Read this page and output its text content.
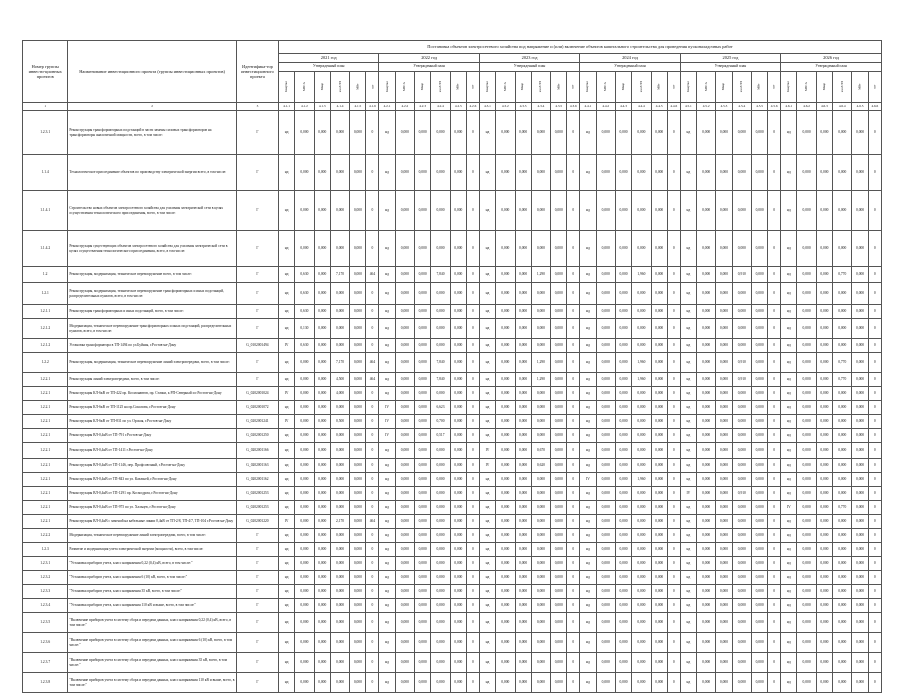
Номер группы инвести-ционных проектов	Наименование инвестиционного проекта (группы инвестиционных проектов)	Идентифика-тор инвестиционного проекта	Постановка объектов электросетевого хозяйства под напряжение и (или) включение объектов капитального строительства для проведения пусконаладочных работ																																			
			2021 год						2022 год						2023 год						2024 год						2025 год						2026 год					
			Утвержденный план						Утвержденный план						Утвержденный план						Утвержденный план						Утвержденный план						Утвержденный план					
			Квартал	МВ×А	Мвар	км ЛЭП	МВт	шт	Квартал	МВ×А	Мвар	км ЛЭП	МВт	шт	Квартал	МВ×А	Мвар	км ЛЭП	МВт	шт	Квартал	МВ×А	Мвар	км ЛЭП	МВт	шт	Квартал	МВ×А	Мвар	км ЛЭП	МВт	шт	Квартал	МВ×А	Мвар	км ЛЭП	МВт	шт
1	2	3	4.1.1	4.1.2	4.1.3	4.1.4	4.1.5	4.1.6	4.2.1	4.2.2	4.2.3	4.2.4	4.2.5	4.2.6	4.3.1	4.3.2	4.3.3	4.3.4	4.3.5	4.3.6	4.4.1	4.4.2	4.4.3	4.4.4	4.4.5	4.4.6	4.5.1	4.5.2	4.5.3	4.5.4	4.5.5	4.5.6	4.6.1	4.6.2	4.6.3	4.6.4	4.6.5	4.6.6
1.2.3.1	Реконструкция трансформаторных подстанций в части замены силовых трансформаторов на трансформаторы аналогичной мощности, всего, в том числе:	Г	нд	0,000	0,000	0,000	0,000	0	нд	0,000	0,000	0,000	0,000	0	нд	0,000	0,000	0,000	0,000	0	нд	0,000	0,000	0,000	0,000	0	нд	0,000	0,000	0,000	0,000	0	нд	0,000	0,000	0,000	0,000	0
1.1.4	Технологическое присоединение объектов по производству электрической энергии всего, в том числе:	Г	нд	0,000	0,000	0,000	0,000	0	нд	0,000	0,000	0,000	0,000	0	нд	0,000	0,000	0,000	0,000	0	нд	0,000	0,000	0,000	0,000	0	нд	0,000	0,000	0,000	0,000	0	нд	0,000	0,000	0,000	0,000	0
1.1.4.1	Строительство новых объектов электросетевого хозяйства для усиления электрической сети в целях осуществления технологического присоединения, всего, в том числе:	Г	нд	0,000	0,000	0,000	0,000	0	нд	0,000	0,000	0,000	0,000	0	нд	0,000	0,000	0,000	0,000	0	нд	0,000	0,000	0,000	0,000	0	нд	0,000	0,000	0,000	0,000	0	нд	0,000	0,000	0,000	0,000	0
1.1.4.2	Реконструкция существующих объектов электросетевого хозяйства для усиления электрической сети в целях осуществления технологического присоединения, всего, в том числе:	Г	нд	0,000	0,000	0,000	0,000	0	нд	0,000	0,000	0,000	0,000	0	нд	0,000	0,000	0,000	0,000	0	нд	0,000	0,000	0,000	0,000	0	нд	0,000	0,000	0,000	0,000	0	нд	0,000	0,000	0,000	0,000	0
1.2	Реконструкция, модернизация, техническое перевооружение всего, в том числе:	Г	нд	0,630	0,000	7,170	0,000	464	нд	0,000	0,000	7,840	0,000	0	нд	0,000	0,000	1,290	0,000	0	нд	0,000	0,000	1,960	0,000	0	нд	0,000	0,000	0,910	0,000	0	нд	0,000	0,000	0,770	0,000	0
1.2.1	Реконструкция, модернизация, техническое перевооружение трансформаторных и иных подстанций, распределительных пунктов, всего, в том числе:	Г	нд	0,630	0,000	0,000	0,000	0	нд	0,000	0,000	0,000	0,000	0	нд	0,000	0,000	0,000	0,000	0	нд	0,000	0,000	0,000	0,000	0	нд	0,000	0,000	0,000	0,000	0	нд	0,000	0,000	0,000	0,000	0
1.2.1.1	Реконструкция трансформаторных и иных подстанций, всего, в том числе:	Г	нд	0,630	0,000	0,000	0,000	0	нд	0,000	0,000	0,000	0,000	0	нд	0,000	0,000	0,000	0,000	0	нд	0,000	0,000	0,000	0,000	0	нд	0,000	0,000	0,000	0,000	0	нд	0,000	0,000	0,000	0,000	0
1.2.1.2	Модернизация, техническое перевооружение трансформаторных и иных подстанций, распределительных пунктов, всего, в том числе:	Г	нд	0,130	0,000	0,000	0,000	0	нд	0,000	0,000	0,000	0,000	0	нд	0,000	0,000	0,000	0,000	0	нд	0,000	0,000	0,000	0,000	0	нд	0,000	0,000	0,000	0,000	0	нд	0,000	0,000	0,000	0,000	0
1.2.1.2	Установка трансформатора в ТП-1494 по ул.Буйная, г.Ростов-на-Дону	G_0102001494	IV	0,630	0,000	0,000	0,000	0	нд	0,000	0,000	0,000	0,000	0	нд	0,000	0,000	0,000	0,000	0	нд	0,000	0,000	0,000	0,000	0	нд	0,000	0,000	0,000	0,000	0	нд	0,000	0,000	0,000	0,000	0
1.2.2	Реконструкция, модернизация, техническое перевооружение линий электропередачи, всего, в том числе:	Г	нд	0,000	0,000	7,170	0,000	464	нд	0,000	0,000	7,840	0,000	0	нд	0,000	0,000	1,290	0,000	0	нд	0,000	0,000	1,960	0,000	0	нд	0,000	0,000	0,910	0,000	0	нд	0,000	0,000	0,770	0,000	0
1.2.2.1	Реконструкция линий электропередачи, всего, в том числе:	Г	нд	0,000	0,000	4,500	0,000	464	нд	0,000	0,000	7,840	0,000	0	нд	0,000	0,000	1,290	0,000	0	нд	0,000	0,000	1,960	0,000	0	нд	0,000	0,000	0,910	0,000	0	нд	0,000	0,000	0,770	0,000	0
1.2.2.1	Реконструкция КЛ-6кВ от ТП-422 пр. Космонавтов, пр. Стачки, к РП-Северный и г.Ростов-на-Дону	G_0202001024	IV	0,000	0,000	4,000	0,000	0	нд	0,000	0,000	0,000	0,000	0	нд	0,000	0,000	0,000	0,000	0	нд	0,000	0,000	0,000	0,000	0	нд	0,000	0,000	0,000	0,000	0	нд	0,000	0,000	0,000	0,000	0
1.2.2.1	Реконструкция КЛ-6кВ от ТП-1125 на пр.Соколова, г.Ростов-на-Дону	G_0202001072	нд	0,000	0,000	0,000	0,000	0	IV	0,000	0,000	6,623	0,000	0	нд	0,000	0,000	0,000	0,000	0	нд	0,000	0,000	0,000	0,000	0	нд	0,000	0,000	0,000	0,000	0	нд	0,000	0,000	0,000	0,000	0
1.2.2.1	Реконструкция КЛ-6кВ от ТП-831 по ул. Орская, г.Ростов-на-Дону	G_0202001241	IV	0,000	0,000	0,500	0,000	0	IV	0,000	0,000	0,700	0,000	0	нд	0,000	0,000	0,000	0,000	0	нд	0,000	0,000	0,000	0,000	0	нд	0,000	0,000	0,000	0,000	0	нд	0,000	0,000	0,000	0,000	0
1.2.2.1	Реконструкция ВЛ-0,4кВ от ТП-791 г.Ростов-на-Дону	G_0202001250	нд	0,000	0,000	0,000	0,000	0	IV	0,000	0,000	0,517	0,000	0	нд	0,000	0,000	0,000	0,000	0	нд	0,000	0,000	0,000	0,000	0	нд	0,000	0,000	0,000	0,000	0	нд	0,000	0,000	0,000	0,000	0
1.2.2.1	Реконструкция ВЛ-0,4кВ от ТП-1411 г.Ростов-на-Дону	G_0202001166	нд	0,000	0,000	0,000	0,000	0	нд	0,000	0,000	0,000	0,000	0	IV	0,000	0,000	0,670	0,000	0	нд	0,000	0,000	0,000	0,000	0	нд	0,000	0,000	0,000	0,000	0	нд	0,000	0,000	0,000	0,000	0
1.2.2.1	Реконструкция ВЛ-0,4кВ от ТП-1146, пер. Профсоюзный, г.Ростов-на-Дону	G_0202001163	нд	0,000	0,000	0,000	0,000	0	нд	0,000	0,000	0,000	0,000	0	IV	0,000	0,000	0,620	0,000	0	нд	0,000	0,000	0,000	0,000	0	нд	0,000	0,000	0,000	0,000	0	нд	0,000	0,000	0,000	0,000	0
1.2.2.1	Реконструкция ВЛ-0,4кВ от ТП-843 по ул. Казачьей, г.Ростов-на-Дону	G_0202001162	нд	0,000	0,000	0,000	0,000	0	нд	0,000	0,000	0,000	0,000	0	нд	0,000	0,000	0,000	0,000	0	IV	0,000	0,000	1,960	0,000	0	нд	0,000	0,000	0,000	0,000	0	нд	0,000	0,000	0,000	0,000	0
1.2.2.1	Реконструкция ВЛ-0,4кВ от ТП-1291 пр. Космодром, г.Ростов-на-Дону	G_0202001253	нд	0,000	0,000	0,000	0,000	0	нд	0,000	0,000	0,000	0,000	0	нд	0,000	0,000	0,000	0,000	0	нд	0,000	0,000	0,000	0,000	0	IV	0,000	0,000	0,910	0,000	0	нд	0,000	0,000	0,000	0,000	0
1.2.2.1	Реконструкция ВЛ-0,4кВ от ТП-975 по ул. Хальцев, г.Ростов-на-Дону	G_0202001253	нд	0,000	0,000	0,000	0,000	0	нд	0,000	0,000	0,000	0,000	0	нд	0,000	0,000	0,000	0,000	0	нд	0,000	0,000	0,000	0,000	0	нд	0,000	0,000	0,000	0,000	0	IV	0,000	0,000	0,770	0,000	0
1.2.2.1	Реконструкция ВЛ-0,4кВ с заменой на кабельные линии 0,4кВ от ТП-2/8, ТП-4/7, ТП-104 г.Ростов-на-Дону	G_0202001220	IV	0,000	0,000	2,170	0,000	464	нд	0,000	0,000	0,000	0,000	0	нд	0,000	0,000	0,000	0,000	0	нд	0,000	0,000	0,000	0,000	0	нд	0,000	0,000	0,000	0,000	0	нд	0,000	0,000	0,000	0,000	0
1.2.2.2	Модернизация, техническое перевооружение линий электропередачи, всего, в том числе:	Г	нд	0,000	0,000	0,000	0,000	0	нд	0,000	0,000	0,000	0,000	0	нд	0,000	0,000	0,000	0,000	0	нд	0,000	0,000	0,000	0,000	0	нд	0,000	0,000	0,000	0,000	0	нд	0,000	0,000	0,000	0,000	0
1.2.3	Развитие и модернизация учета электрической энергии (мощности), всего, в том числе:	Г	нд	0,000	0,000	0,000	0,000	0	нд	0,000	0,000	0,000	0,000	0	нд	0,000	0,000	0,000	0,000	0	нд	0,000	0,000	0,000	0,000	0	нд	0,000	0,000	0,000	0,000	0	нд	0,000	0,000	0,000	0,000	0
1.2.3.1	"Установка приборов учета, класс напряжения 0,22 (0,4) кВ, всего, в том числе:"	Г	нд	0,000	0,000	0,000	0,000	0	нд	0,000	0,000	0,000	0,000	0	нд	0,000	0,000	0,000	0,000	0	нд	0,000	0,000	0,000	0,000	0	нд	0,000	0,000	0,000	0,000	0	нд	0,000	0,000	0,000	0,000	0
1.2.3.2	"Установка приборов учета, класс напряжения 6 (10) кВ, всего, в том числе:"	Г	нд	0,000	0,000	0,000	0,000	0	нд	0,000	0,000	0,000	0,000	0	нд	0,000	0,000	0,000	0,000	0	нд	0,000	0,000	0,000	0,000	0	нд	0,000	0,000	0,000	0,000	0	нд	0,000	0,000	0,000	0,000	0
1.2.3.3	"Установка приборов учета, класс напряжения 35 кВ, всего, в том числе:"	Г	нд	0,000	0,000	0,000	0,000	0	нд	0,000	0,000	0,000	0,000	0	нд	0,000	0,000	0,000	0,000	0	нд	0,000	0,000	0,000	0,000	0	нд	0,000	0,000	0,000	0,000	0	нд	0,000	0,000	0,000	0,000	0
1.2.3.4	"Установка приборов учета, класс напряжения 110 кВ и выше, всего, в том числе:"	Г	нд	0,000	0,000	0,000	0,000	0	нд	0,000	0,000	0,000	0,000	0	нд	0,000	0,000	0,000	0,000	0	нд	0,000	0,000	0,000	0,000	0	нд	0,000	0,000	0,000	0,000	0	нд	0,000	0,000	0,000	0,000	0
1.2.3.5	"Включение приборов учета в систему сбора и передачи данных, класс напряжения 0,22 (0,4) кВ, всего, в том числе:"	Г	нд	0,000	0,000	0,000	0,000	0	нд	0,000	0,000	0,000	0,000	0	нд	0,000	0,000	0,000	0,000	0	нд	0,000	0,000	0,000	0,000	0	нд	0,000	0,000	0,000	0,000	0	нд	0,000	0,000	0,000	0,000	0
1.2.3.6	"Включение приборов учета в систему сбора и передачи данных, класс напряжения 6 (10) кВ, всего, в том числе:"	Г	нд	0,000	0,000	0,000	0,000	0	нд	0,000	0,000	0,000	0,000	0	нд	0,000	0,000	0,000	0,000	0	нд	0,000	0,000	0,000	0,000	0	нд	0,000	0,000	0,000	0,000	0	нд	0,000	0,000	0,000	0,000	0
1.2.3.7	"Включение приборов учета в систему сбора и передачи данных, класс напряжения 35 кВ, всего, в том числе:"	Г	нд	0,000	0,000	0,000	0,000	0	нд	0,000	0,000	0,000	0,000	0	нд	0,000	0,000	0,000	0,000	0	нд	0,000	0,000	0,000	0,000	0	нд	0,000	0,000	0,000	0,000	0	нд	0,000	0,000	0,000	0,000	0
1.2.3.8	"Включение приборов учета в систему сбора и передачи данных, класс напряжения 110 кВ и выше, всего, в том числе:"	Г	нд	0,000	0,000	0,000	0,000	0	нд	0,000	0,000	0,000	0,000	0	нд	0,000	0,000	0,000	0,000	0	нд	0,000	0,000	0,000	0,000	0	нд	0,000	0,000	0,000	0,000	0	нд	0,000	0,000	0,000	0,000	0
